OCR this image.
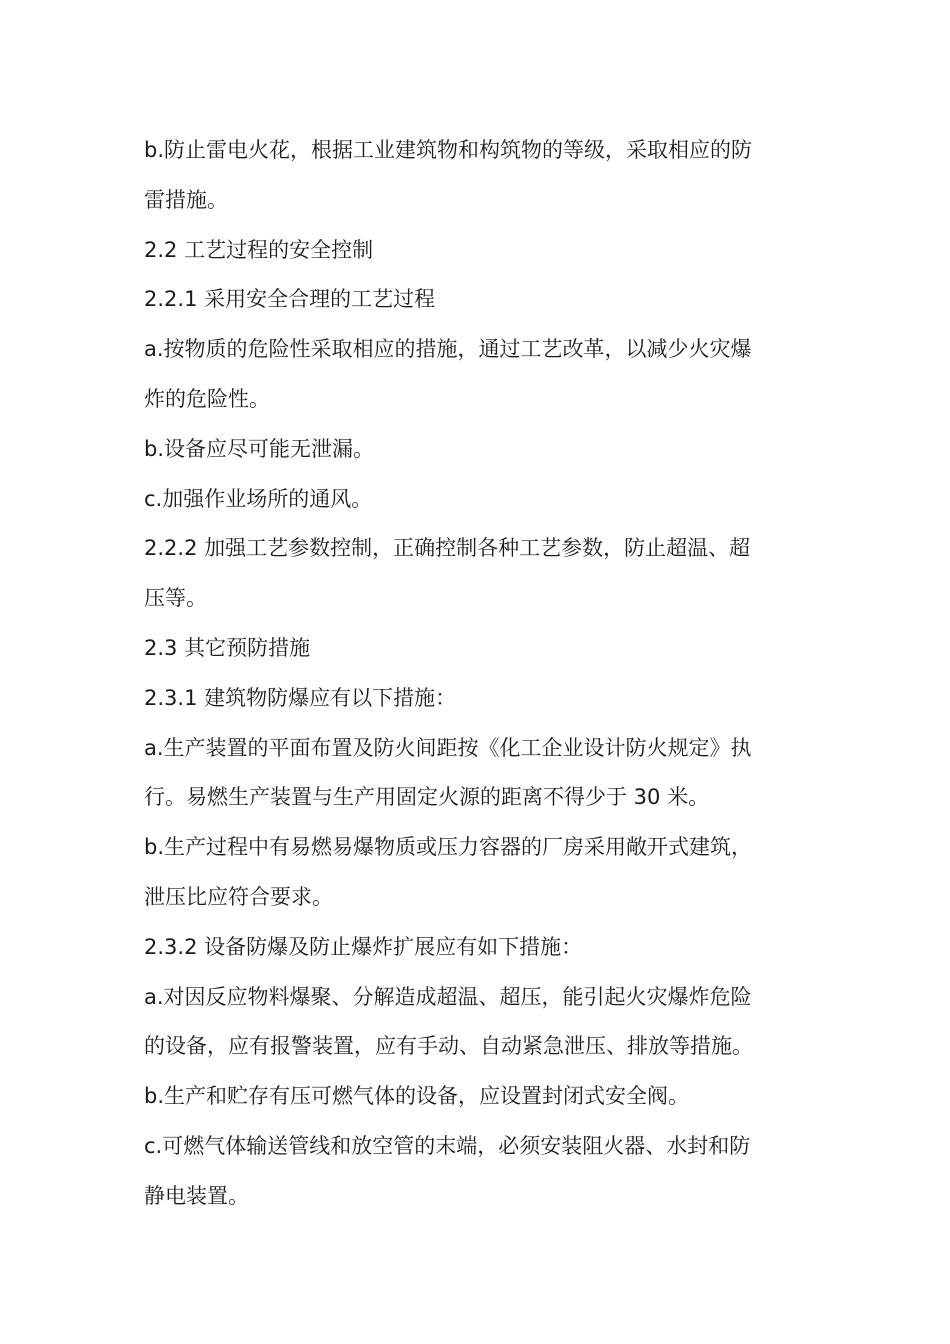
b.防止雷电火花，根据工业建筑物和构筑物的等级，采取相应的防
雷措施。
2.2 工艺过程的安全控制
2.2.1 采用安全合理的工艺过程
a.按物质的危险性采取相应的措施，通过工艺改革，以减少火灾爆
炸的危险性。
b.设备应尽可能无泄漏。
c.加强作业场所的通风。
2.2.2 加强工艺参数控制，正确控制各种工艺参数，防止超温、超
压等。
2.3 其它预防措施
2.3.1 建筑物防爆应有以下措施：
a.生产装置的平面布置及防火间距按《化工企业设计防火规定》执
行。易燃生产装置与生产用固定火源的距离不得少于 30 米。
b.生产过程中有易燃易爆物质或压力容器的厂房采用敞开式建筑，
泄压比应符合要求。
2.3.2 设备防爆及防止爆炸扩展应有如下措施：
a.对因反应物料爆聚、分解造成超温、超压，能引起火灾爆炸危险
的设备，应有报警装置，应有手动、自动紧急泄压、排放等措施。
b.生产和贮存有压可燃气体的设备，应设置封闭式安全阀。
c.可燃气体输送管线和放空管的末端，必须安装阻火器、水封和防
静电装置。
